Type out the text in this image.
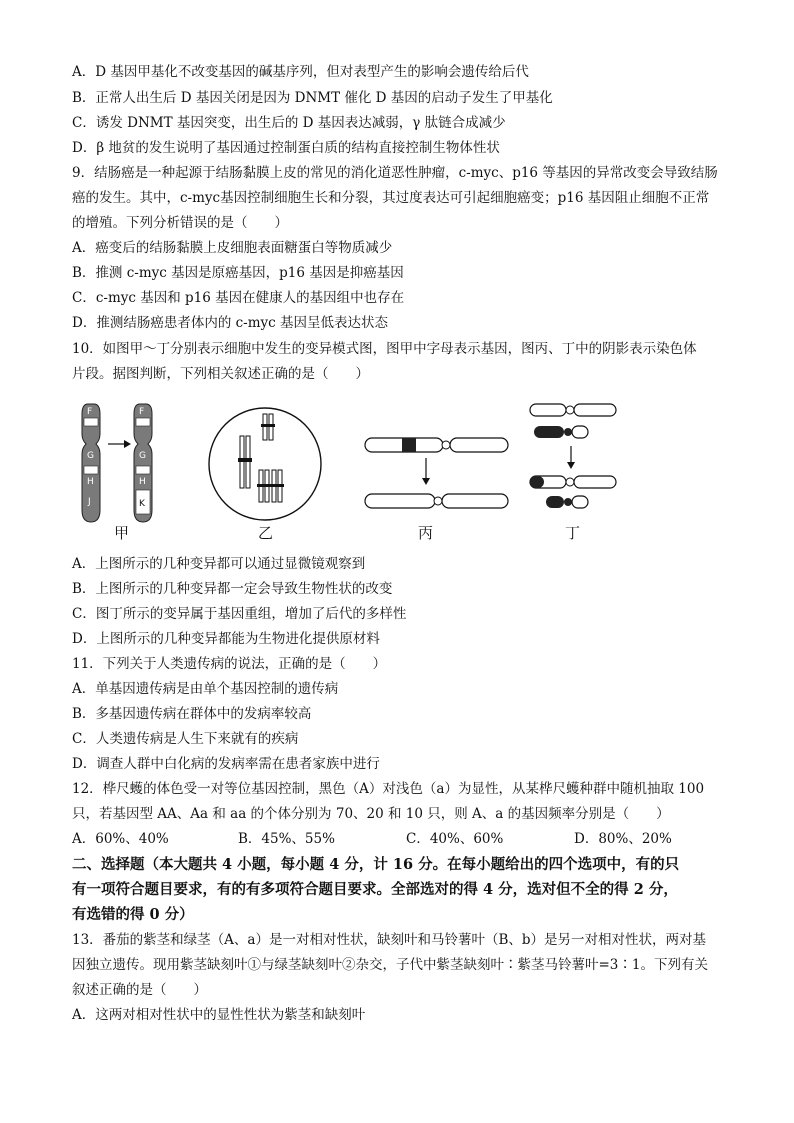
A．D 基因甲基化不改变基因的碱基序列，但对表型产生的影响会遗传给后代
B．正常人出生后 D 基因关闭是因为 DNMT 催化 D 基因的启动子发生了甲基化
C．诱发 DNMT 基因突变，出生后的 D 基因表达减弱，γ 肽链合成减少
D．β 地贫的发生说明了基因通过控制蛋白质的结构直接控制生物体性状
9．结肠癌是一种起源于结肠黏膜上皮的常见的消化道恶性肿瘤，c-myc、p16 等基因的异常改变会导致结肠
癌的发生。其中，c-myc基因控制细胞生长和分裂，其过度表达可引起细胞癌变；p16 基因阻止细胞不正常
的增殖。下列分析错误的是（　　）
A．癌变后的结肠黏膜上皮细胞表面糖蛋白等物质减少
B．推测 c-myc 基因是原癌基因，p16 基因是抑癌基因
C．c-myc 基因和 p16 基因在健康人的基因组中也存在
D．推测结肠癌患者体内的 c-myc 基因呈低表达状态
10．如图甲～丁分别表示细胞中发生的变异模式图，图甲中字母表示基因，图丙、丁中的阴影表示染色体
片段。据图判断，下列相关叙述正确的是（　　）
F
G
H
J
F
G
H
K
甲	乙	丙	丁
A．上图所示的几种变异都可以通过显微镜观察到
B．上图所示的几种变异都一定会导致生物性状的改变
C．图丁所示的变异属于基因重组，增加了后代的多样性
D．上图所示的几种变异都能为生物进化提供原材料
11．下列关于人类遗传病的说法，正确的是（　　）
A．单基因遗传病是由单个基因控制的遗传病
B．多基因遗传病在群体中的发病率较高
C．人类遗传病是人生下来就有的疾病
D．调查人群中白化病的发病率需在患者家族中进行
12．桦尺蠖的体色受一对等位基因控制，黑色（A）对浅色（a）为显性，从某桦尺蠖种群中随机抽取 100
只，若基因型 AA、Aa 和 aa 的个体分别为 70、20 和 10 只，则 A、a 的基因频率分别是（　　）
A．60%、40%	B．45%、55%	C．40%、60%	D．80%、20%
二、选择题（本大题共 4 小题，每小题 4 分，计 16 分。在每小题给出的四个选项中，有的只
有一项符合题目要求，有的有多项符合题目要求。全部选对的得 4 分，选对但不全的得 2 分，
有选错的得 0 分）
13．番茄的紫茎和绿茎（A、a）是一对相对性状，缺刻叶和马铃薯叶（B、b）是另一对相对性状，两对基
因独立遗传。现用紫茎缺刻叶①与绿茎缺刻叶②杂交，子代中紫茎缺刻叶∶紫茎马铃薯叶=3∶1。下列有关
叙述正确的是（　　）
A．这两对相对性状中的显性性状为紫茎和缺刻叶
